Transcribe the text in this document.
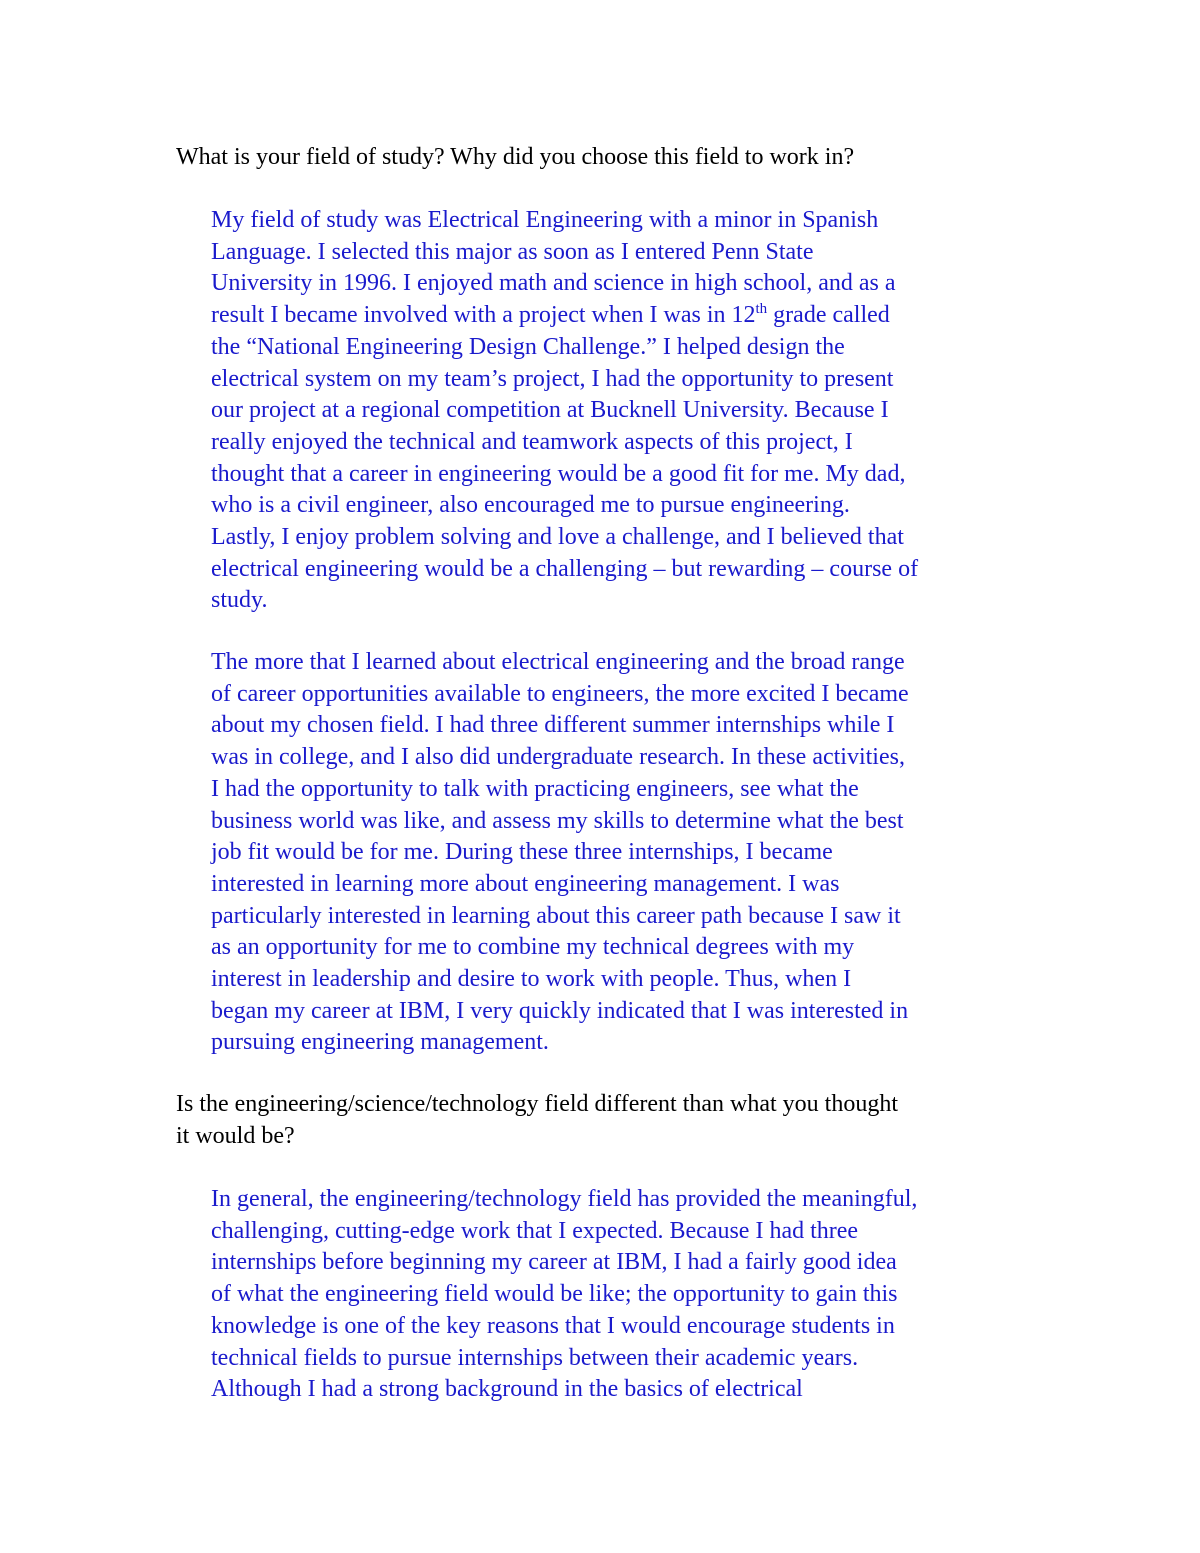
What is your field of study? Why did you choose this field to work in?

My field of study was Electrical Engineering with a minor in Spanish
Language. I selected this major as soon as I entered Penn State
University in 1996. I enjoyed math and science in high school, and as a
result I became involved with a project when I was in 12th grade called
the “National Engineering Design Challenge.” I helped design the
electrical system on my team’s project, I had the opportunity to present
our project at a regional competition at Bucknell University. Because I
really enjoyed the technical and teamwork aspects of this project, I
thought that a career in engineering would be a good fit for me. My dad,
who is a civil engineer, also encouraged me to pursue engineering.
Lastly, I enjoy problem solving and love a challenge, and I believed that
electrical engineering would be a challenging – but rewarding – course of
study.
The more that I learned about electrical engineering and the broad range
of career opportunities available to engineers, the more excited I became
about my chosen field. I had three different summer internships while I
was in college, and I also did undergraduate research. In these activities,
I had the opportunity to talk with practicing engineers, see what the
business world was like, and assess my skills to determine what the best
job fit would be for me. During these three internships, I became
interested in learning more about engineering management. I was
particularly interested in learning about this career path because I saw it
as an opportunity for me to combine my technical degrees with my
interest in leadership and desire to work with people. Thus, when I
began my career at IBM, I very quickly indicated that I was interested in
pursuing engineering management.

Is the engineering/science/technology field different than what you thought
it would be?

In general, the engineering/technology field has provided the meaningful,
challenging, cutting-edge work that I expected. Because I had three
internships before beginning my career at IBM, I had a fairly good idea
of what the engineering field would be like; the opportunity to gain this
knowledge is one of the key reasons that I would encourage students in
technical fields to pursue internships between their academic years.
Although I had a strong background in the basics of electrical
